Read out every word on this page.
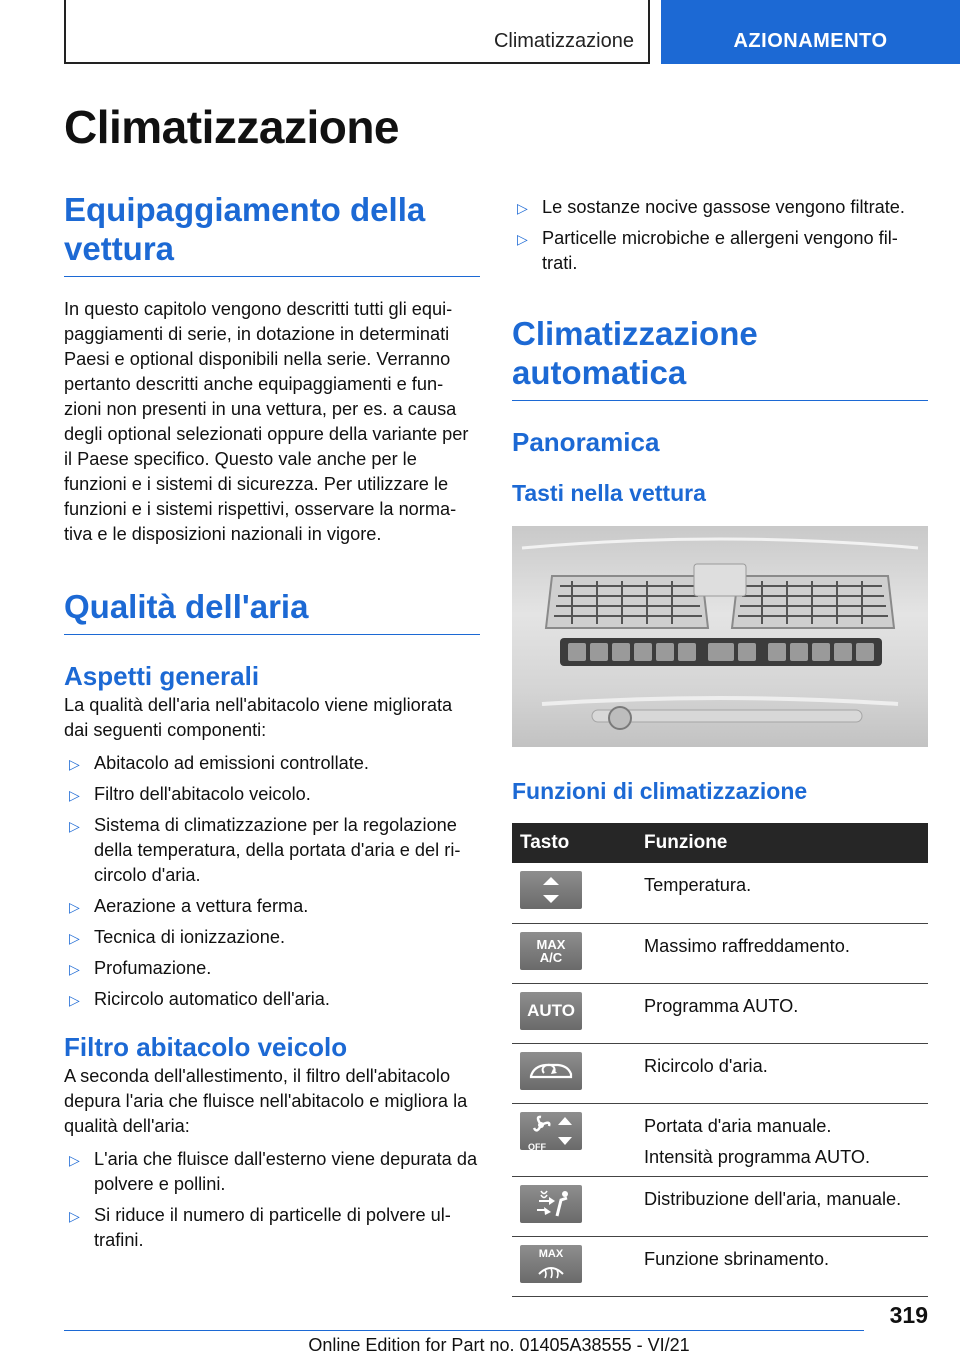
Climatizzazione	AZIONAMENTO
Climatizzazione
Equipaggiamento della vettura

In questo capitolo vengono descritti tutti gli equi-paggiamenti di serie, in dotazione in determinati Paesi e optional disponibili nella serie. Verranno pertanto descritti anche equipaggiamenti e fun-zioni non presenti in una vettura, per es. a causa degli optional selezionati oppure della variante per il Paese specifico. Questo vale anche per le funzioni e i sistemi di sicurezza. Per utilizzare le funzioni e i sistemi rispettivi, osservare la norma-tiva e le disposizioni nazionali in vigore.

Qualità dell'aria
Aspetti generali

La qualità dell'aria nell'abitacolo viene migliorata dai seguenti componenti:

▷ Abitacolo ad emissioni controllate.
▷ Filtro dell'abitacolo veicolo.
▷ Sistema di climatizzazione per la regolazione della temperatura, della portata d'aria e del ri-circolo d'aria.
▷ Aerazione a vettura ferma.
▷ Tecnica di ionizzazione.
▷ Profumazione.
▷ Ricircolo automatico dell'aria.
Filtro abitacolo veicolo

A seconda dell'allestimento, il filtro dell'abitacolo depura l'aria che fluisce nell'abitacolo e migliora la qualità dell'aria:

▷ L'aria che fluisce dall'esterno viene depurata da polvere e pollini.
▷ Si riduce il numero di particelle di polvere ul-trafini.
▷ Le sostanze nocive gassose vengono filtrate.
▷ Particelle microbiche e allergeni vengono fil-trati.
Climatizzazione automatica
Panoramica
Tasti nella vettura
Funzioni di climatizzazione
Tasto	Funzione

	Temperatura.

MAX
A/C	Massimo raffreddamento.

AUTO	Programma AUTO.

	Ricircolo d'aria.

OFF	Portata d'aria manuale.
Intensità programma AUTO.

	Distribuzione dell'aria, manuale.

MAX	Funzione sbrinamento.
319
Online Edition for Part no. 01405A38555 - VI/21
